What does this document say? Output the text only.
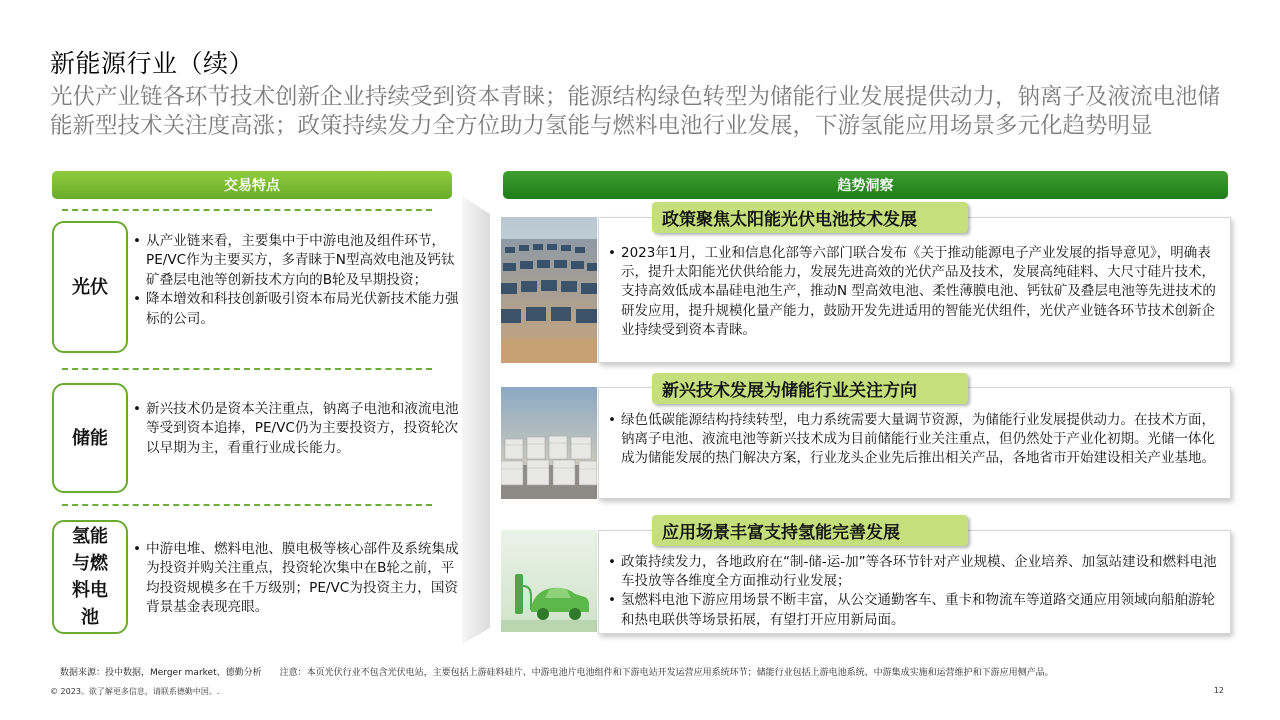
新能源行业（续）
光伏产业链各环节技术创新企业持续受到资本青睐；能源结构绿色转型为储能行业发展提供动力，钠离子及液流电池储能新型技术关注度高涨；政策持续发力全方位助力氢能与燃料电池行业发展，下游氢能应用场景多元化趋势明显
交易特点	趋势洞察
光伏
• 从产业链来看，主要集中于中游电池及组件环节，PE/VC作为主要买方，多青睐于N型高效电池及钙钛矿叠层电池等创新技术方向的B轮及早期投资；
• 降本增效和科技创新吸引资本布局光伏新技术能力强标的公司。
储能
• 新兴技术仍是资本关注重点，钠离子电池和液流电池等受到资本追捧，PE/VC仍为主要投资方，投资轮次以早期为主，看重行业成长能力。
氢能
与燃
料电
池
• 中游电堆、燃料电池、膜电极等核心部件及系统集成为投资并购关注重点，投资轮次集中在B轮之前，平均投资规模多在千万级别；PE/VC为投资主力，国资背景基金表现亮眼。
• 2023年1月，工业和信息化部等六部门联合发布《关于推动能源电子产业发展的指导意见》，明确表示，提升太阳能光伏供给能力，发展先进高效的光伏产品及技术，发展高纯硅料、大尺寸硅片技术，支持高效低成本晶硅电池生产，推动N 型高效电池、柔性薄膜电池、钙钛矿及叠层电池等先进技术的研发应用，提升规模化量产能力，鼓励开发先进适用的智能光伏组件，光伏产业链各环节技术创新企业持续受到资本青睐。
政策聚焦太阳能光伏电池技术发展
• 绿色低碳能源结构持续转型，电力系统需要大量调节资源，为储能行业发展提供动力。在技术方面，钠离子电池、液流电池等新兴技术成为目前储能行业关注重点，但仍然处于产业化初期。光储一体化成为储能发展的热门解决方案，行业龙头企业先后推出相关产品，各地省市开始建设相关产业基地。
新兴技术发展为储能行业关注方向
• 政策持续发力，各地政府在“制-储-运-加”等各环节针对产业规模、企业培养、加氢站建设和燃料电池车投放等各维度全方面推动行业发展；
• 氢燃料电池下游应用场景不断丰富，从公交通勤客车、重卡和物流车等道路交通应用领域向船舶游轮和热电联供等场景拓展，有望打开应用新局面。
应用场景丰富支持氢能完善发展
数据来源：投中数据，Merger market、德勤分析 注意：本页光伏行业不包含光伏电站，主要包括上游硅料硅片、中游电池片电池组件和下游电站开发运营应用系统环节；储能行业包括上游电池系统、中游集成实施和运营维护和下游应用侧产品。
© 2023。欲了解更多信息，请联系德勤中国。.	12
